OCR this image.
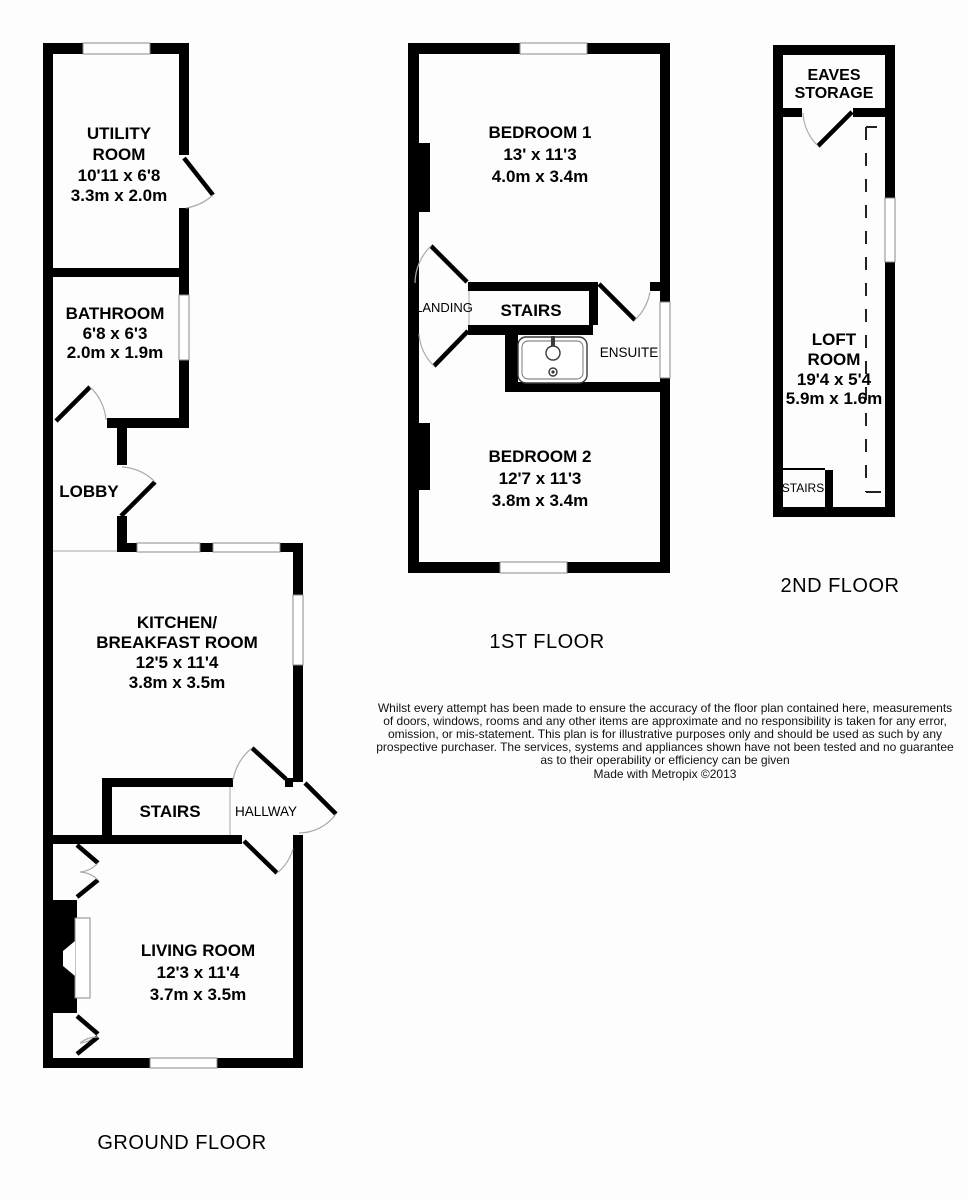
UTILITY
ROOM
10'11 x 6'8
3.3m x 2.0m
BATHROOM
6'8 x 6'3
2.0m x 1.9m
LOBBY
KITCHEN/
BREAKFAST ROOM
12'5 x 11'4
3.8m x 3.5m
STAIRS	HALLWAY
LIVING ROOM
12'3 x 11'4
3.7m x 3.5m
GROUND FLOOR
BEDROOM 1
13' x 11'3
4.0m x 3.4m
LANDING STAIRS
ENSUITE
BEDROOM 2
12'7 x 11'3
3.8m x 3.4m
1ST FLOOR
EAVES
STORAGE
LOFT
ROOM
19'4 x 5'4
5.9m x 1.6m
STAIRS
2ND FLOOR
Whilst every attempt has been made to ensure the accuracy of the floor plan contained here, measurements
of doors, windows, rooms and any other items are approximate and no responsibility is taken for any error,
omission, or mis-statement. This plan is for illustrative purposes only and should be used as such by any
prospective purchaser. The services, systems and appliances shown have not been tested and no guarantee
as to their operability or efficiency can be given
Made with Metropix ©2013
